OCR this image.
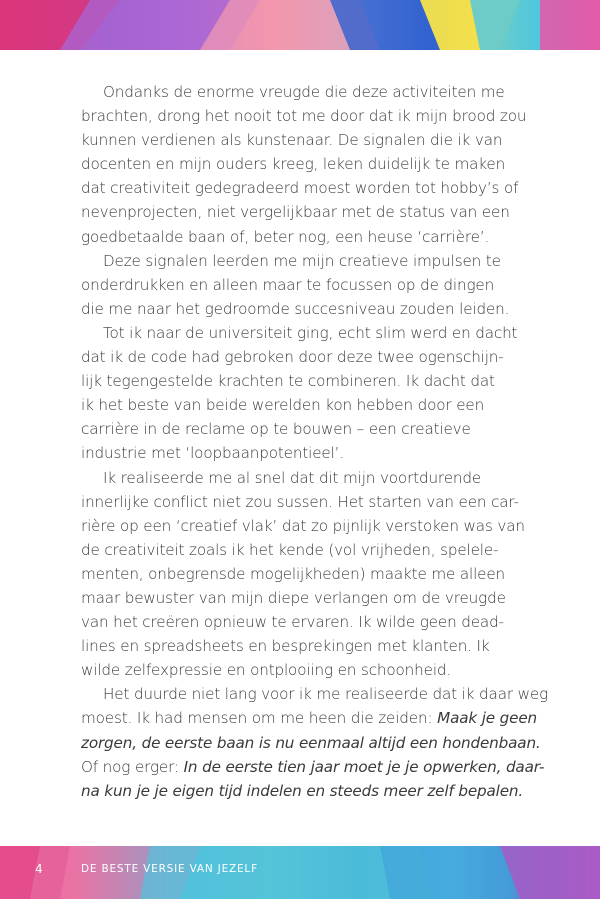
Ondanks de enorme vreugde die deze activiteiten me
brachten, drong het nooit tot me door dat ik mijn brood zou
kunnen verdienen als kunstenaar. De signalen die ik van
docenten en mijn ouders kreeg, leken duidelijk te maken
dat creativiteit gedegradeerd moest worden tot hobby’s of
nevenprojecten, niet vergelijkbaar met de status van een
goedbetaalde baan of, beter nog, een heuse ‘carrière’.
Deze signalen leerden me mijn creatieve impulsen te
onderdrukken en alleen maar te focussen op de dingen
die me naar het gedroomde succesniveau zouden leiden.
Tot ik naar de universiteit ging, echt slim werd en dacht
dat ik de code had gebroken door deze twee ogenschijn-
lijk tegengestelde krachten te combineren. Ik dacht dat
ik het beste van beide werelden kon hebben door een
carrière in de reclame op te bouwen – een creatieve
industrie met ‘loopbaanpotentieel’.
Ik realiseerde me al snel dat dit mijn voortdurende
innerlijke conflict niet zou sussen. Het starten van een car-
rière op een ‘creatief vlak’ dat zo pijnlijk verstoken was van
de creativiteit zoals ik het kende (vol vrijheden, spelele-
menten, onbegrensde mogelijkheden) maakte me alleen
maar bewuster van mijn diepe verlangen om de vreugde
van het creëren opnieuw te ervaren. Ik wilde geen dead-
lines en spreadsheets en besprekingen met klanten. Ik
wilde zelfexpressie en ontplooiing en schoonheid.
Het duurde niet lang voor ik me realiseerde dat ik daar weg
moest. Ik had mensen om me heen die zeiden: Maak je geen
zorgen, de eerste baan is nu eenmaal altijd een hondenbaan.
Of nog erger: In de eerste tien jaar moet je je opwerken, daar-
na kun je je eigen tijd indelen en steeds meer zelf bepalen.
4	DE BESTE VERSIE VAN JEZELF
